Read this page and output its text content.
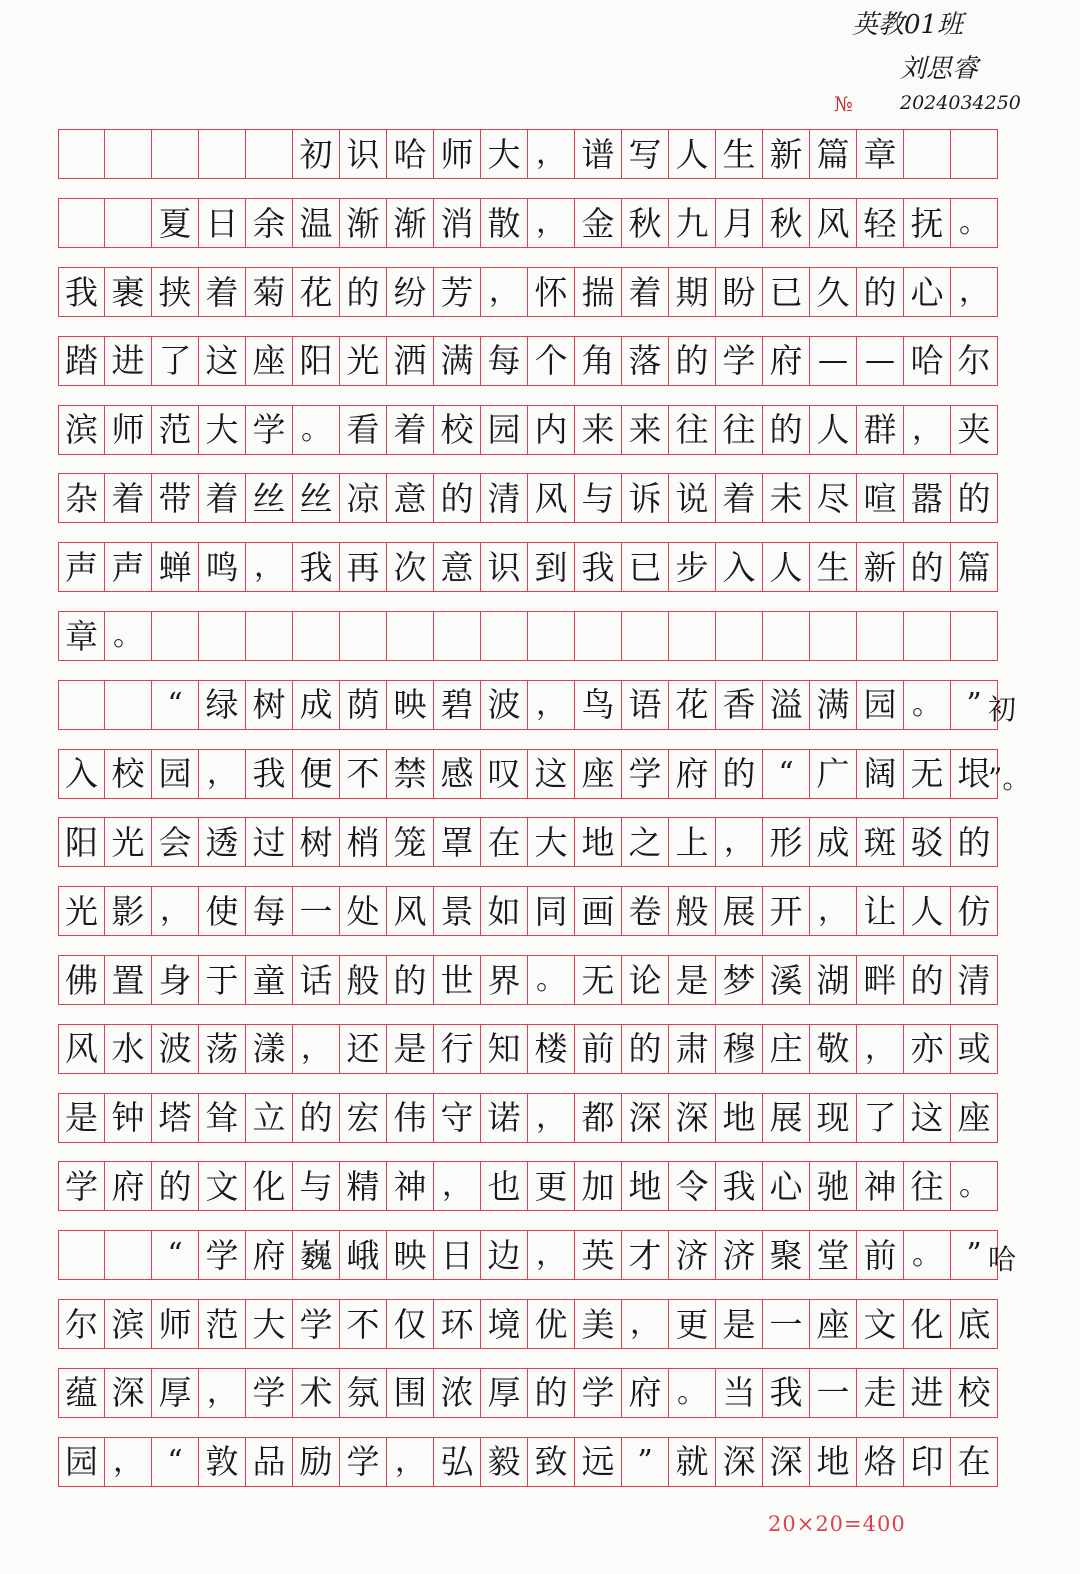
英教01班
刘思睿
№ 2024034250
初 识 哈 师 大 ， 谱 写 人 生 新 篇 章
夏 日 余 温 渐 渐 消 散 ， 金 秋 九 月 秋 风 轻 抚 。
我 裹 挟 着 菊 花 的 纷 芳 ， 怀 揣 着 期 盼 已 久 的 心 ，
踏 进 了 这 座 阳 光 洒 满 每 个 角 落 的 学 府 — — 哈 尔
滨 师 范 大 学 。 看 着 校 园 内 来 来 往 往 的 人 群 ， 夹
杂 着 带 着 丝 丝 凉 意 的 清 风 与 诉 说 着 未 尽 喧 嚣 的
声 声 蝉 鸣 ， 我 再 次 意 识 到 我 已 步 入 人 生 新 的 篇
章 。
“ 绿 树 成 荫 映 碧 波 ， 鸟 语 花 香 溢 满 园 。 ” 初
入 校 园 ， 我 便 不 禁 感 叹 这 座 学 府 的 “ 广 阔 无 垠
”。
阳 光 会 透 过 树 梢 笼 罩 在 大 地 之 上 ， 形 成 斑 驳 的
光 影 ， 使 每 一 处 风 景 如 同 画 卷 般 展 开 ， 让 人 仿
佛 置 身 于 童 话 般 的 世 界 。 无 论 是 梦 溪 湖 畔 的 清
风 水 波 荡 漾 ， 还 是 行 知 楼 前 的 肃 穆 庄 敬 ， 亦 或
是 钟 塔 耸 立 的 宏 伟 守 诺 ， 都 深 深 地 展 现 了 这 座
学 府 的 文 化 与 精 神 ， 也 更 加 地 令 我 心 驰 神 往 。
“ 学 府 巍 峨 映 日 边 ， 英 才 济 济 聚 堂 前 。 ” 哈
尔 滨 师 范 大 学 不 仅 环 境 优 美 ， 更 是 一 座 文 化 底
蕴 深 厚 ， 学 术 氛 围 浓 厚 的 学 府 。 当 我 一 走 进 校
园 ， “ 敦 品 励 学 ， 弘 毅 致 远 ” 就 深 深 地 烙 印 在
20×20=400
